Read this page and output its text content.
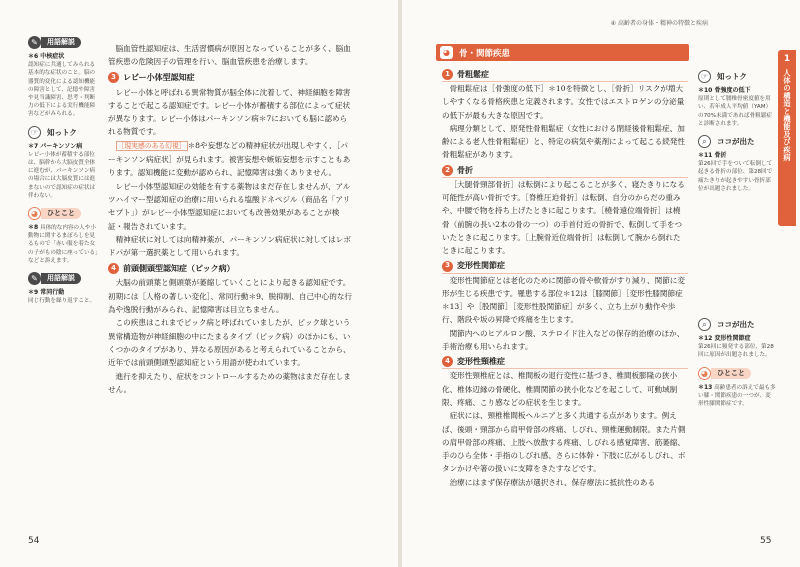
✎	用語解説
＊6 中核症状
認知症に共通してみられる基本的な症状のこと。脳の器質的変化による認知機能の障害として、記憶や障害や見当識障害、思考・判断力の低下による実行機能障害などがみられる。
☞	知っトク
＊7 パーキンソン病
レビー小体が蓄積する部位は、脳幹から大脳皮質全体に進むが、パーキンソン病の場合には大脳皮質には進まないので認知症の症状は伴わない。
◕	ひとこと
＊8 具体的な内容の人や小動物に関するまぼろしを見るもので「赤い服を着た女の子がもの陰に座っている」などと訴えます。
✎	用語解説
＊9 常同行動
同じ行動を繰り返すこと。

脳血管性認知症は、生活習慣病が原因となっていることが多く、脳血管疾患の危険因子の管理を行い、脳血管疾患を治療します。

3 レビー小体型認知症

レビー小体と呼ばれる異常物質が脳全体に沈着して、神経細胞を障害することで起こる認知症です。レビー小体が蓄積する部位によって症状が異なります。レビー小体はパーキンソン病＊7においても脳に認められる物質です。

［現実感のある幻視］ ＊8や妄想などの精神症状が出現しやすく、［パーキンソン病症状］が見られます。被害妄想や嫉妬妄想を示すこともあります。認知機能に変動が認められ、記憶障害は強くありません。

レビー小体型認知症の効能を有する薬物はまだ存在しませんが、アルツハイマー型認知症の治療に用いられる塩酸ドネペジル（商品名「アリセプト」）がレビー小体型認知症においても改善効果があることが検証・報告されています。

精神症状に対しては向精神薬が、パーキンソン病症状に対してはレボドパが第一選択薬として用いられます。

4 前頭側頭型認知症（ピック病）

大脳の前頭葉と側頭葉が萎縮していくことにより起きる認知症です。初期には［人格の著しい変化］、常同行動＊9、脱抑制、自己中心的な行為や逸脱行動がみられ、記憶障害は目立ちません。

この疾患はこれまでピック病と呼ばれていましたが、ピック球という異常構造物が神経細胞の中にたまるタイプ（ピック病）のほかにも、いくつかのタイプがあり、异なる原因があると考えられていることから、近年では前頭側頭型認知症という用語が使われています。

進行を抑えたり、症状をコントロールするための薬物はまだ存在しません。

④ 高齢者の身体・精神の特徴と疾病
◕	骨・関節疾患
1 骨粗鬆症

骨粗鬆症は［骨強度の低下］＊10を特徴とし、［骨折］リスクが増大しやすくなる骨格疾患と定義されます。女性ではエストロゲンの分泌量の低下が最も大きな原因です。

病理分類として、原発性骨粗鬆症（女性における閉経後骨粗鬆症、加齢による老人性骨粗鬆症）と、特定の病気や薬剤によって起こる続発性骨粗鬆症があります。

2 骨折

［大腿骨頸部骨折］は転倒により起こることが多く、寝たきりになる可能性が高い骨折です。［脊椎圧迫骨折］は転倒、自分のからだの重みや、中腰で物を持ち上げたときに起こります。［橈骨遠位端骨折］は橈骨（前腕の長い2本の骨の一つ）の手首付近の骨折で、転倒して手をついたときに起こります。［上腕骨近位端骨折］は転倒して腕から倒れたときに起こります。

3 変形性関節症

変形性関節症とは老化のために関節の骨や軟骨がすり減り、関節に変形が生じる疾患です。罹患する部位＊12は［膝関節］［変形性膝関節症＊13］や［股関節］［変形性股関節症］が多く、立ち上がり動作や歩行、階段や坂の昇降で疼痛を生じます。

関節内へのヒアルロン酸、ステロイド注入などの保存的治療のほか、手術治療も用いられます。

4 変形性頸椎症

変形性頸椎症とは、椎間板の退行変性に基づき、椎間板膨隆の狭小化、椎体辺縁の骨硬化、椎間関節の狭小化などを起こして、可動域制限、疼痛、こり感などの症状を生じます。

症状には、頸椎椎間板ヘルニアと多く共通する点があります。例えば、後頭・頸部から肩甲骨部の疼痛、しびれ、頸椎運動制限。また片側の肩甲骨部の疼痛、上肢へ放散する疼痛、しびれる感覚障害、筋萎縮、手のひら全体・手指のしびれ感、さらに体幹・下肢に広がるしびれ、ボタンかけや箸の扱いに支障をきたすなどです。

治療にはまず保存療法が選択され、保存療法に抵抗性のある

☞	知っトク
＊10 骨強度の低下
原則として腰椎骨密度値を用い、若年成人平均値（YAM）の70%未満であれば骨粗鬆症と診断されます。
⌕	ココが出た
＊11 骨折
第26回で手をついて転倒して起きる骨折の部位、第28回で痛たきりが起きやすい骨折部位が出題されました。
⌕	ココが出た
＊12 変形性関節症
第26回に頻発する部位、第28回に原因が出題されました。
◕	ひとこと
＊13 高齢患者の訴えで最も多い膝・関節疾患の一つが、変形性膝関節症です。
1
人体の構造と機能及び疾病
54	55
